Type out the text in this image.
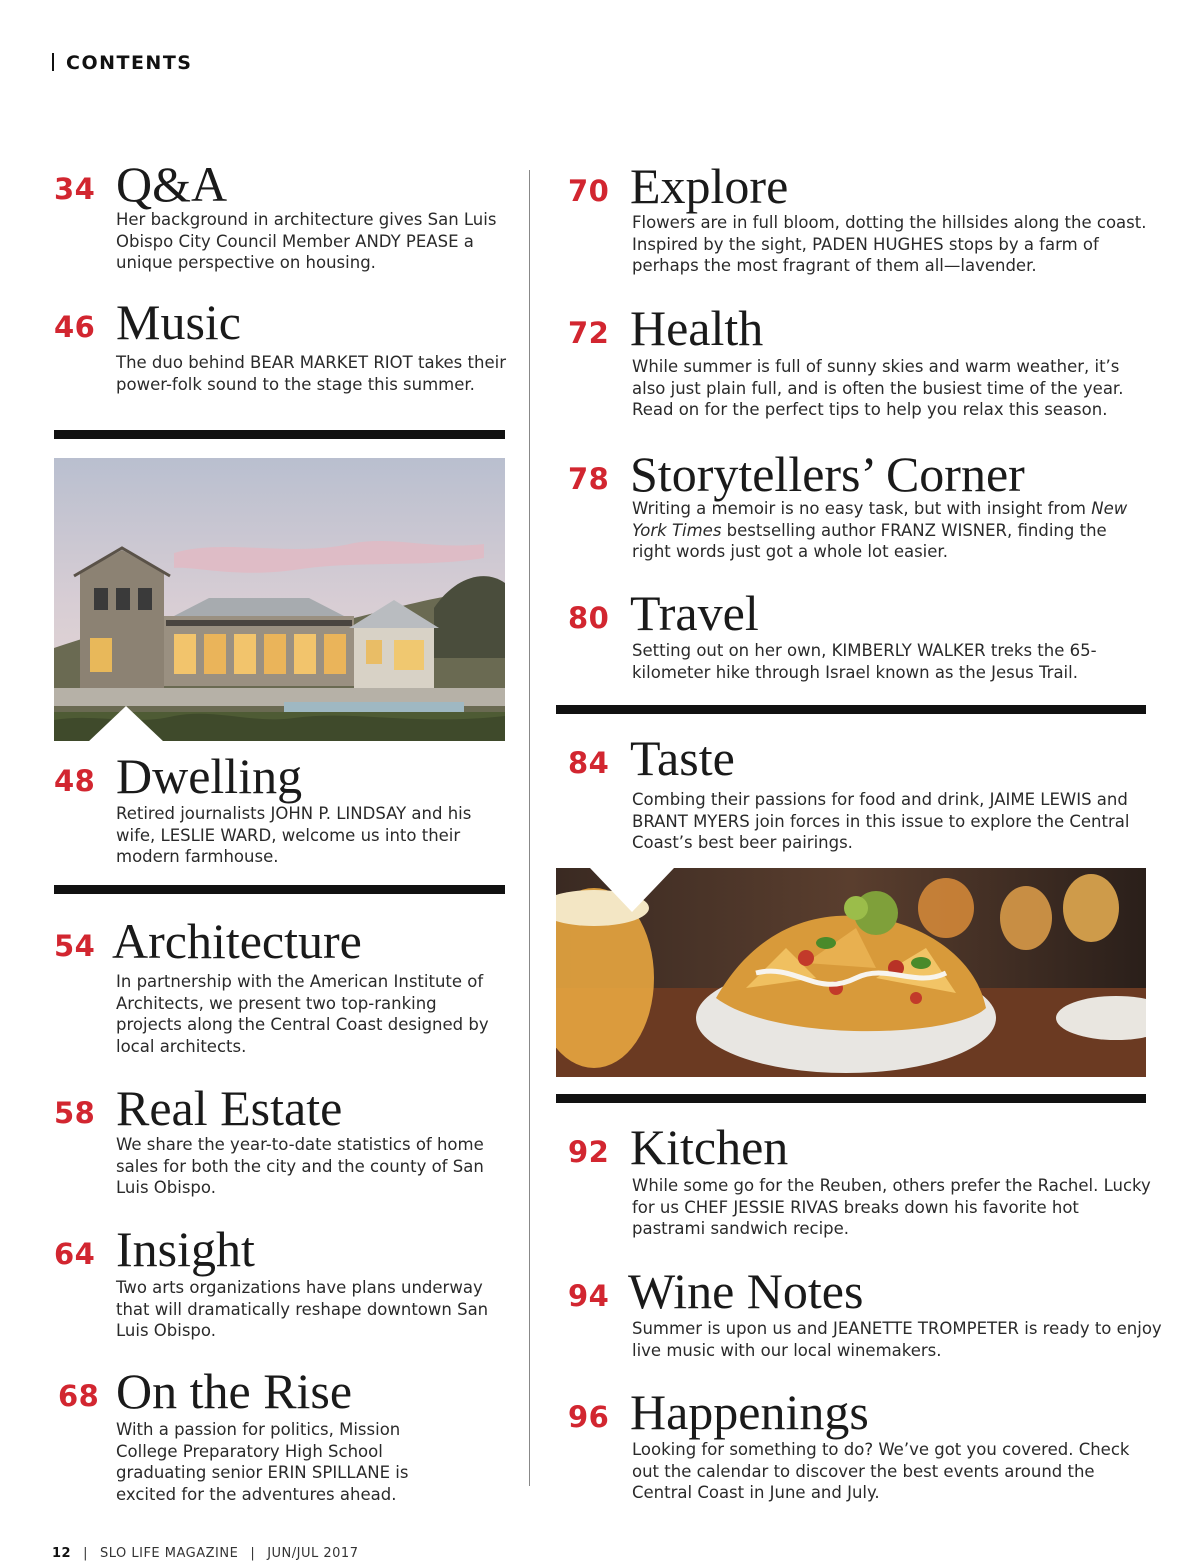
CONTENTS
34 Q&A
Her background in architecture gives San Luis Obispo City Council Member ANDY PEASE a unique perspective on housing.
46 Music
The duo behind BEAR MARKET RIOT takes their power-folk sound to the stage this summer.
48 Dwelling
Retired journalists JOHN P. LINDSAY and his wife, LESLIE WARD, welcome us into their modern farmhouse.
54 Architecture
In partnership with the American Institute of Architects, we present two top-ranking projects along the Central Coast designed by local architects.
58 Real Estate
We share the year-to-date statistics of home sales for both the city and the county of San Luis Obispo.
64 Insight
Two arts organizations have plans underway that will dramatically reshape downtown San Luis Obispo.
68 On the Rise
With a passion for politics, Mission College Preparatory High School graduating senior ERIN SPILLANE is excited for the adventures ahead.
70 Explore
Flowers are in full bloom, dotting the hillsides along the coast. Inspired by the sight, PADEN HUGHES stops by a farm of perhaps the most fragrant of them all—lavender.
72 Health
While summer is full of sunny skies and warm weather, it’s also just plain full, and is often the busiest time of the year. Read on for the perfect tips to help you relax this season.
78 Storytellers’ Corner
Writing a memoir is no easy task, but with insight from New York Times bestselling author FRANZ WISNER, finding the right words just got a whole lot easier.
80 Travel
Setting out on her own, KIMBERLY WALKER treks the 65-kilometer hike through Israel known as the Jesus Trail.
84 Taste
Combing their passions for food and drink, JAIME LEWIS and BRANT MYERS join forces in this issue to explore the Central Coast’s best beer pairings.
92 Kitchen
While some go for the Reuben, others prefer the Rachel. Lucky for us CHEF JESSIE RIVAS breaks down his favorite hot pastrami sandwich recipe.
94 Wine Notes
Summer is upon us and JEANETTE TROMPETER is ready to enjoy live music with our local winemakers.
96 Happenings
Looking for something to do? We’ve got you covered. Check out the calendar to discover the best events around the Central Coast in June and July.
12 | SLO LIFE MAGAZINE | JUN/JUL 2017
